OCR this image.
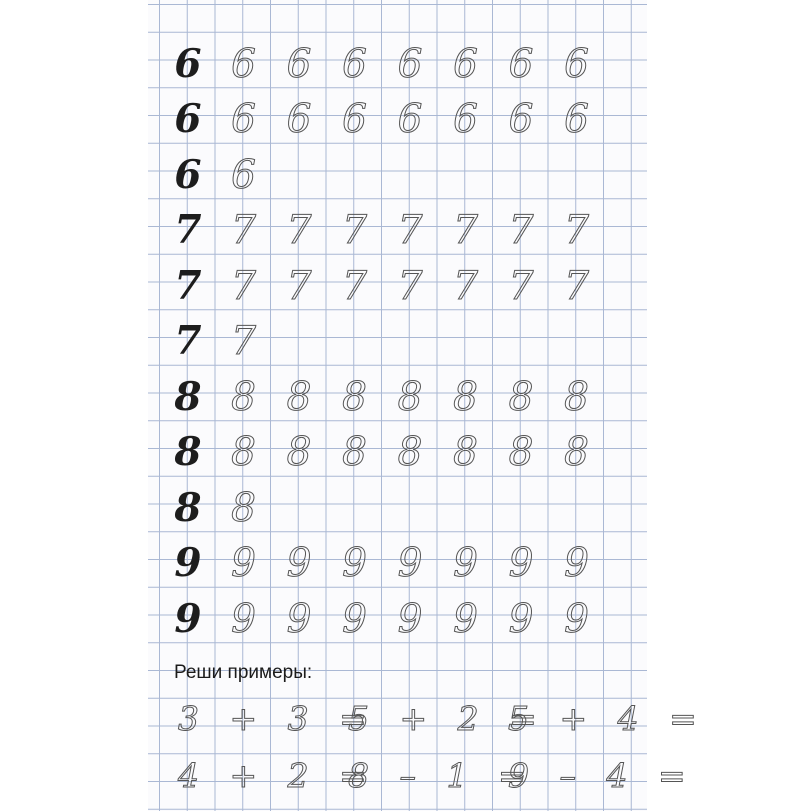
6 6 6 6 6 6 6 6
6 6 6 6 6 6 6 6
6 6
7 7 7 7 7 7 7 7
7 7 7 7 7 7 7 7
7 7
8 8 8 8 8 8 8 8
8 8 8 8 8 8 8 8
8 8
9 9 9 9 9 9 9 9
9 9 9 9 9 9 9 9
Реши примеры:
3 + 3 =
5 + 2 =
5 + 4 =
4 + 2 =
8 – 1 =
9 – 4 =
